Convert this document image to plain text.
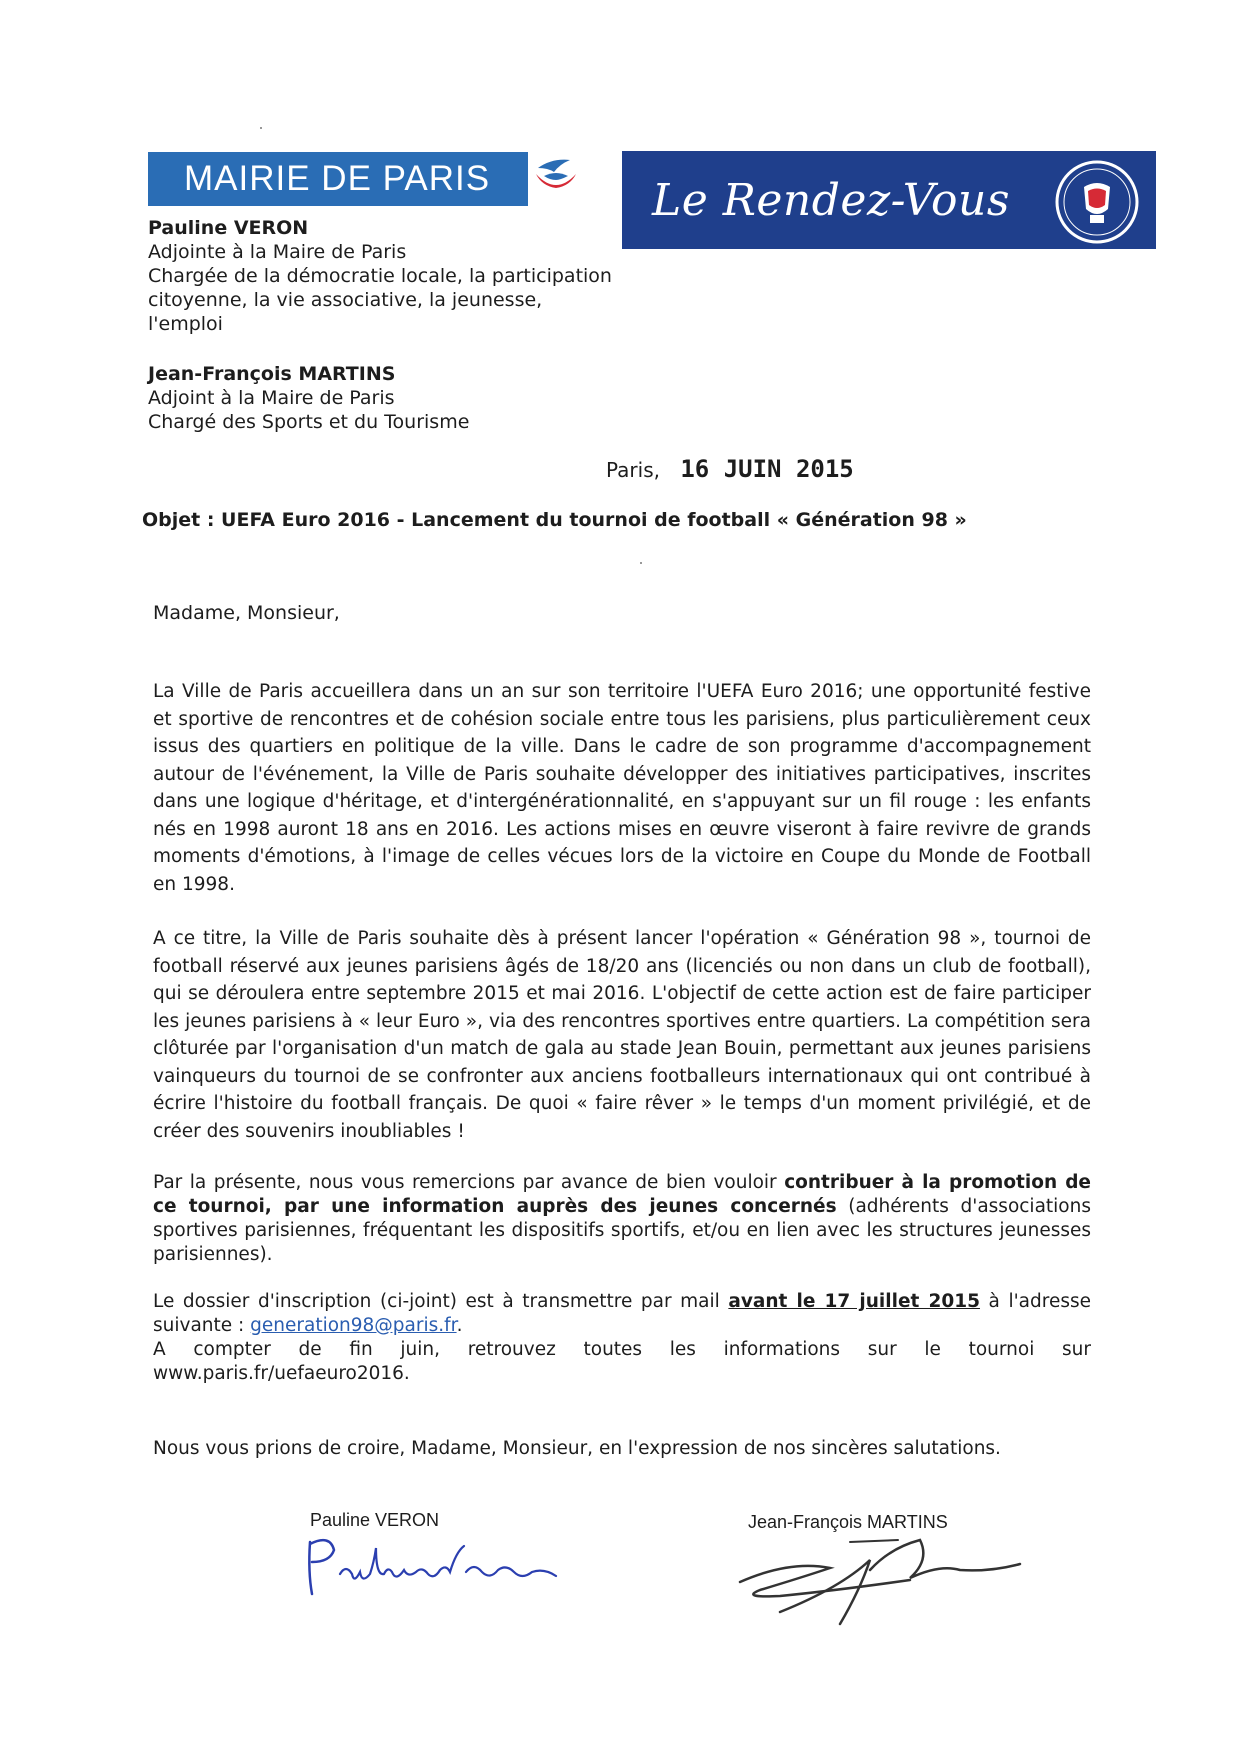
MAIRIE DE PARIS
Pauline VERON
Adjointe à la Maire de Paris
Chargée de la démocratie locale, la participation
citoyenne, la vie associative, la jeunesse,
l'emploi
Jean-François MARTINS
Adjoint à la Maire de Paris
Chargé des Sports et du Tourisme
Le Rendez-Vous
Paris, 16 JUIN 2015
Objet : UEFA Euro 2016 - Lancement du tournoi de football « Génération 98 »
Madame, Monsieur,
La Ville de Paris accueillera dans un an sur son territoire l'UEFA Euro 2016; une opportunité festive et sportive de rencontres et de cohésion sociale entre tous les parisiens, plus particulièrement ceux issus des quartiers en politique de la ville. Dans le cadre de son programme d'accompagnement autour de l'événement, la Ville de Paris souhaite développer des initiatives participatives, inscrites dans une logique d'héritage, et d'intergénérationnalité, en s'appuyant sur un fil rouge : les enfants nés en 1998 auront 18 ans en 2016. Les actions mises en œuvre viseront à faire revivre de grands moments d'émotions, à l'image de celles vécues lors de la victoire en Coupe du Monde de Football en 1998.
A ce titre, la Ville de Paris souhaite dès à présent lancer l'opération « Génération 98 », tournoi de football réservé aux jeunes parisiens âgés de 18/20 ans (licenciés ou non dans un club de football), qui se déroulera entre septembre 2015 et mai 2016. L'objectif de cette action est de faire participer les jeunes parisiens à « leur Euro », via des rencontres sportives entre quartiers. La compétition sera clôturée par l'organisation d'un match de gala au stade Jean Bouin, permettant aux jeunes parisiens vainqueurs du tournoi de se confronter aux anciens footballeurs internationaux qui ont contribué à écrire l'histoire du football français. De quoi « faire rêver » le temps d'un moment privilégié, et de créer des souvenirs inoubliables !
Par la présente, nous vous remercions par avance de bien vouloir contribuer à la promotion de ce tournoi, par une information auprès des jeunes concernés (adhérents d'associations sportives parisiennes, fréquentant les dispositifs sportifs, et/ou en lien avec les structures jeunesses parisiennes).
Le dossier d'inscription (ci-joint) est à transmettre par mail avant le 17 juillet 2015 à l'adresse suivante : generation98@paris.fr.
A compter de fin juin, retrouvez toutes les informations sur le tournoi sur www.paris.fr/uefaeuro2016.
Nous vous prions de croire, Madame, Monsieur, en l'expression de nos sincères salutations.
Pauline VERON	Jean-François MARTINS
